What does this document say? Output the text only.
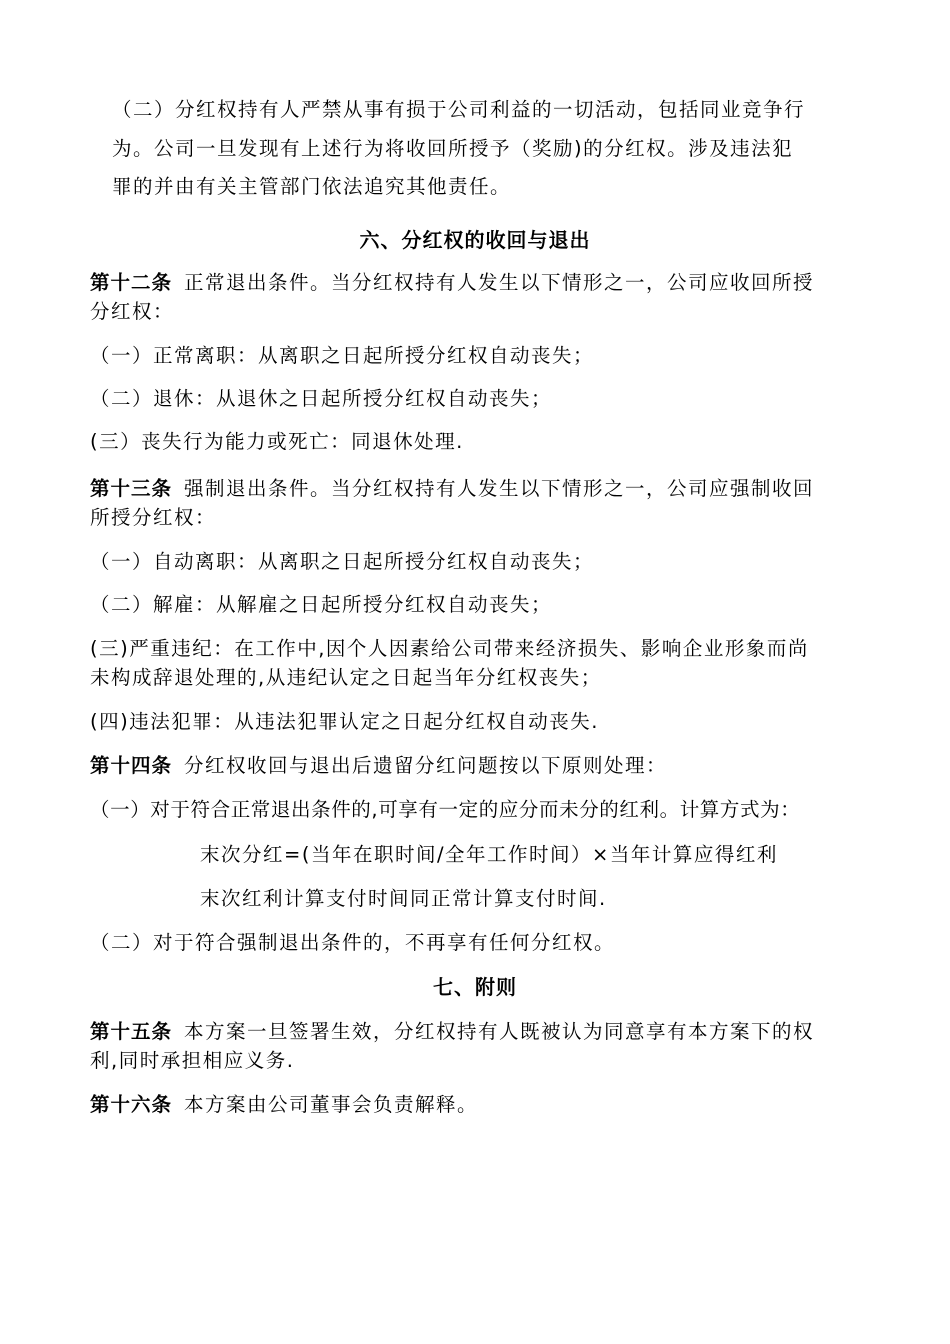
（二）分红权持有人严禁从事有损于公司利益的一切活动，包括同业竞争行
为。公司一旦发现有上述行为将收回所授予（奖励)的分红权。涉及违法犯
罪的并由有关主管部门依法追究其他责任。
六、分红权的收回与退出
第十二条 正常退出条件。当分红权持有人发生以下情形之一，公司应收回所授
分红权：
（一）正常离职：从离职之日起所授分红权自动丧失；
（二）退休：从退休之日起所授分红权自动丧失；
(三）丧失行为能力或死亡：同退休处理.
第十三条 强制退出条件。当分红权持有人发生以下情形之一，公司应强制收回
所授分红权：
（一）自动离职：从离职之日起所授分红权自动丧失；
（二）解雇：从解雇之日起所授分红权自动丧失；
(三)严重违纪：在工作中,因个人因素给公司带来经济损失、影响企业形象而尚
未构成辞退处理的,从违纪认定之日起当年分红权丧失；
(四)违法犯罪：从违法犯罪认定之日起分红权自动丧失.
第十四条 分红权收回与退出后遗留分红问题按以下原则处理：
（一）对于符合正常退出条件的,可享有一定的应分而未分的红利。计算方式为：
末次分红=(当年在职时间/全年工作时间）×当年计算应得红利
末次红利计算支付时间同正常计算支付时间.
（二）对于符合强制退出条件的，不再享有任何分红权。
七、附则
第十五条 本方案一旦签署生效，分红权持有人既被认为同意享有本方案下的权
利,同时承担相应义务.
第十六条 本方案由公司董事会负责解释。
